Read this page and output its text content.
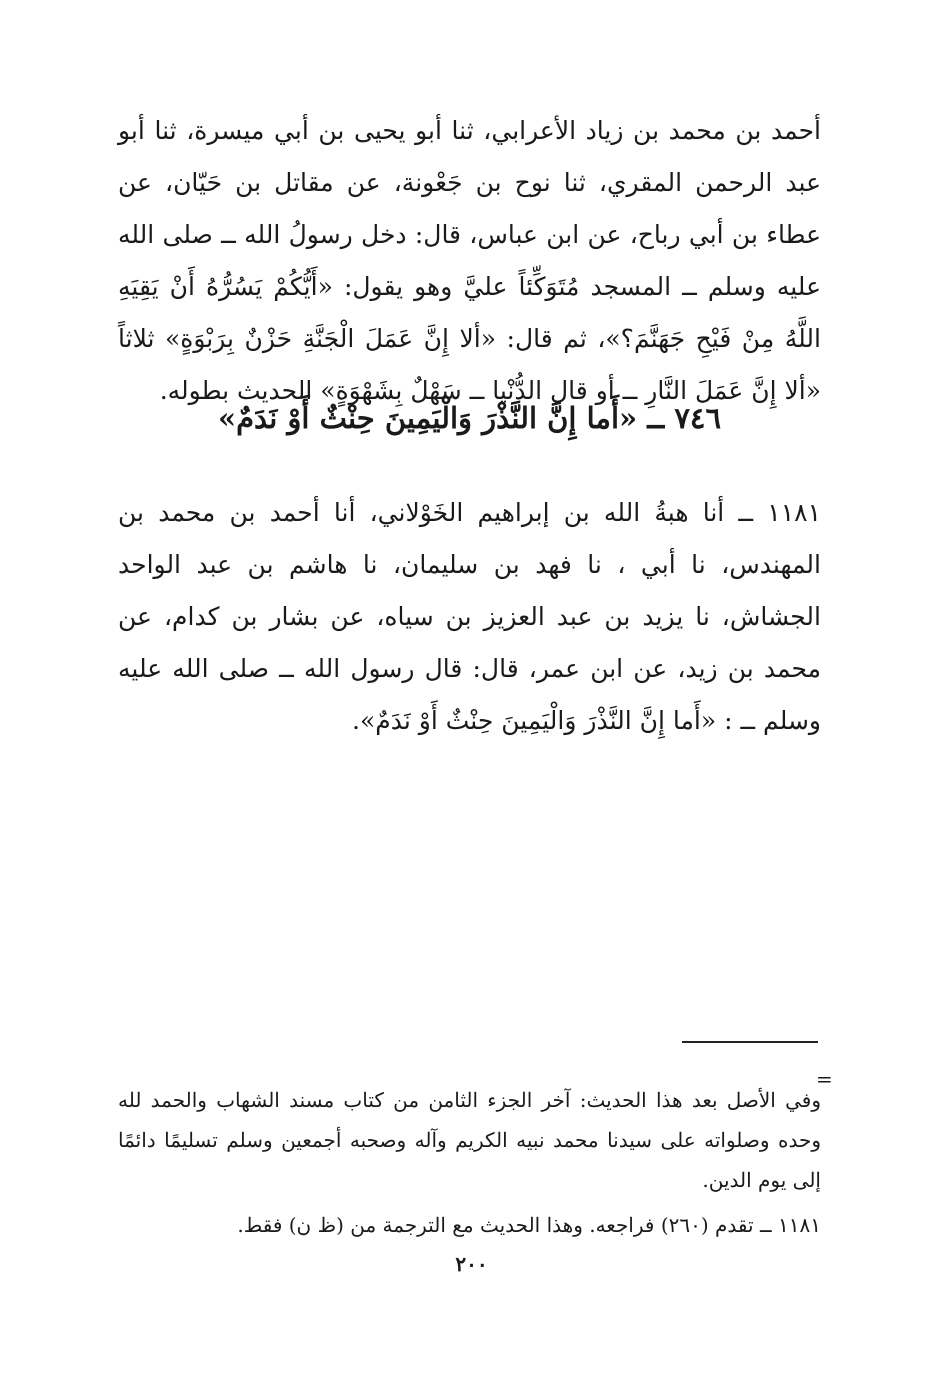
أحمد بن محمد بن زياد الأعرابي، ثنا أبو يحيى بن أبي ميسرة، ثنا أبو عبد الرحمن المقري، ثنا نوح بن جَعْونة، عن مقاتل بن حَيّان، عن عطاء بن أبي رباح، عن ابن عباس، قال: دخل رسولُ الله ــ صلى الله عليه وسلم ــ المسجد مُتَوَكِّئاً عليَّ وهو يقول: «أَيُّكُمْ يَسُرُّهُ أَنْ يَقِيَهِ اللَّهُ مِنْ فَيْحِ جَهَنَّمَ؟»، ثم قال: «ألا إِنَّ عَمَلَ الْجَنَّةِ حَزْنٌ بِرَبْوَةٍ» ثلاثاً «ألا إِنَّ عَمَلَ النَّارِ ــ أو قال الدُّنْيا ــ سَهْلٌ بِشَهْوَةٍ» الحديث بطوله.

٧٤٦ ــ «أَما إِنَّ النَّذْرَ وَالْيَمِينَ حِنْثٌ أَوْ نَدَمٌ»

١١٨١ ــ أنا هبةُ الله بن إبراهيم الخَوْلاني، أنا أحمد بن محمد بن المهندس، نا أبي ، نا فهد بن سليمان، نا هاشم بن عبد الواحد الجشاش، نا يزيد بن عبد العزيز بن سياه، عن بشار بن كدام، عن محمد بن زيد، عن ابن عمر، قال: قال رسول الله ــ صلى الله عليه وسلم ــ : «أَما إِنَّ النَّذْرَ وَالْيَمِينَ حِنْثٌ أَوْ نَدَمٌ».

=

وفي الأصل بعد هذا الحديث: آخر الجزء الثامن من كتاب مسند الشهاب والحمد لله وحده وصلواته على سيدنا محمد نبيه الكريم وآله وصحبه أجمعين وسلم تسليمًا دائمًا إلى يوم الدين.

١١٨١ ــ تقدم (٢٦٠) فراجعه. وهذا الحديث مع الترجمة من (ظ ن) فقط.

٢٠٠
